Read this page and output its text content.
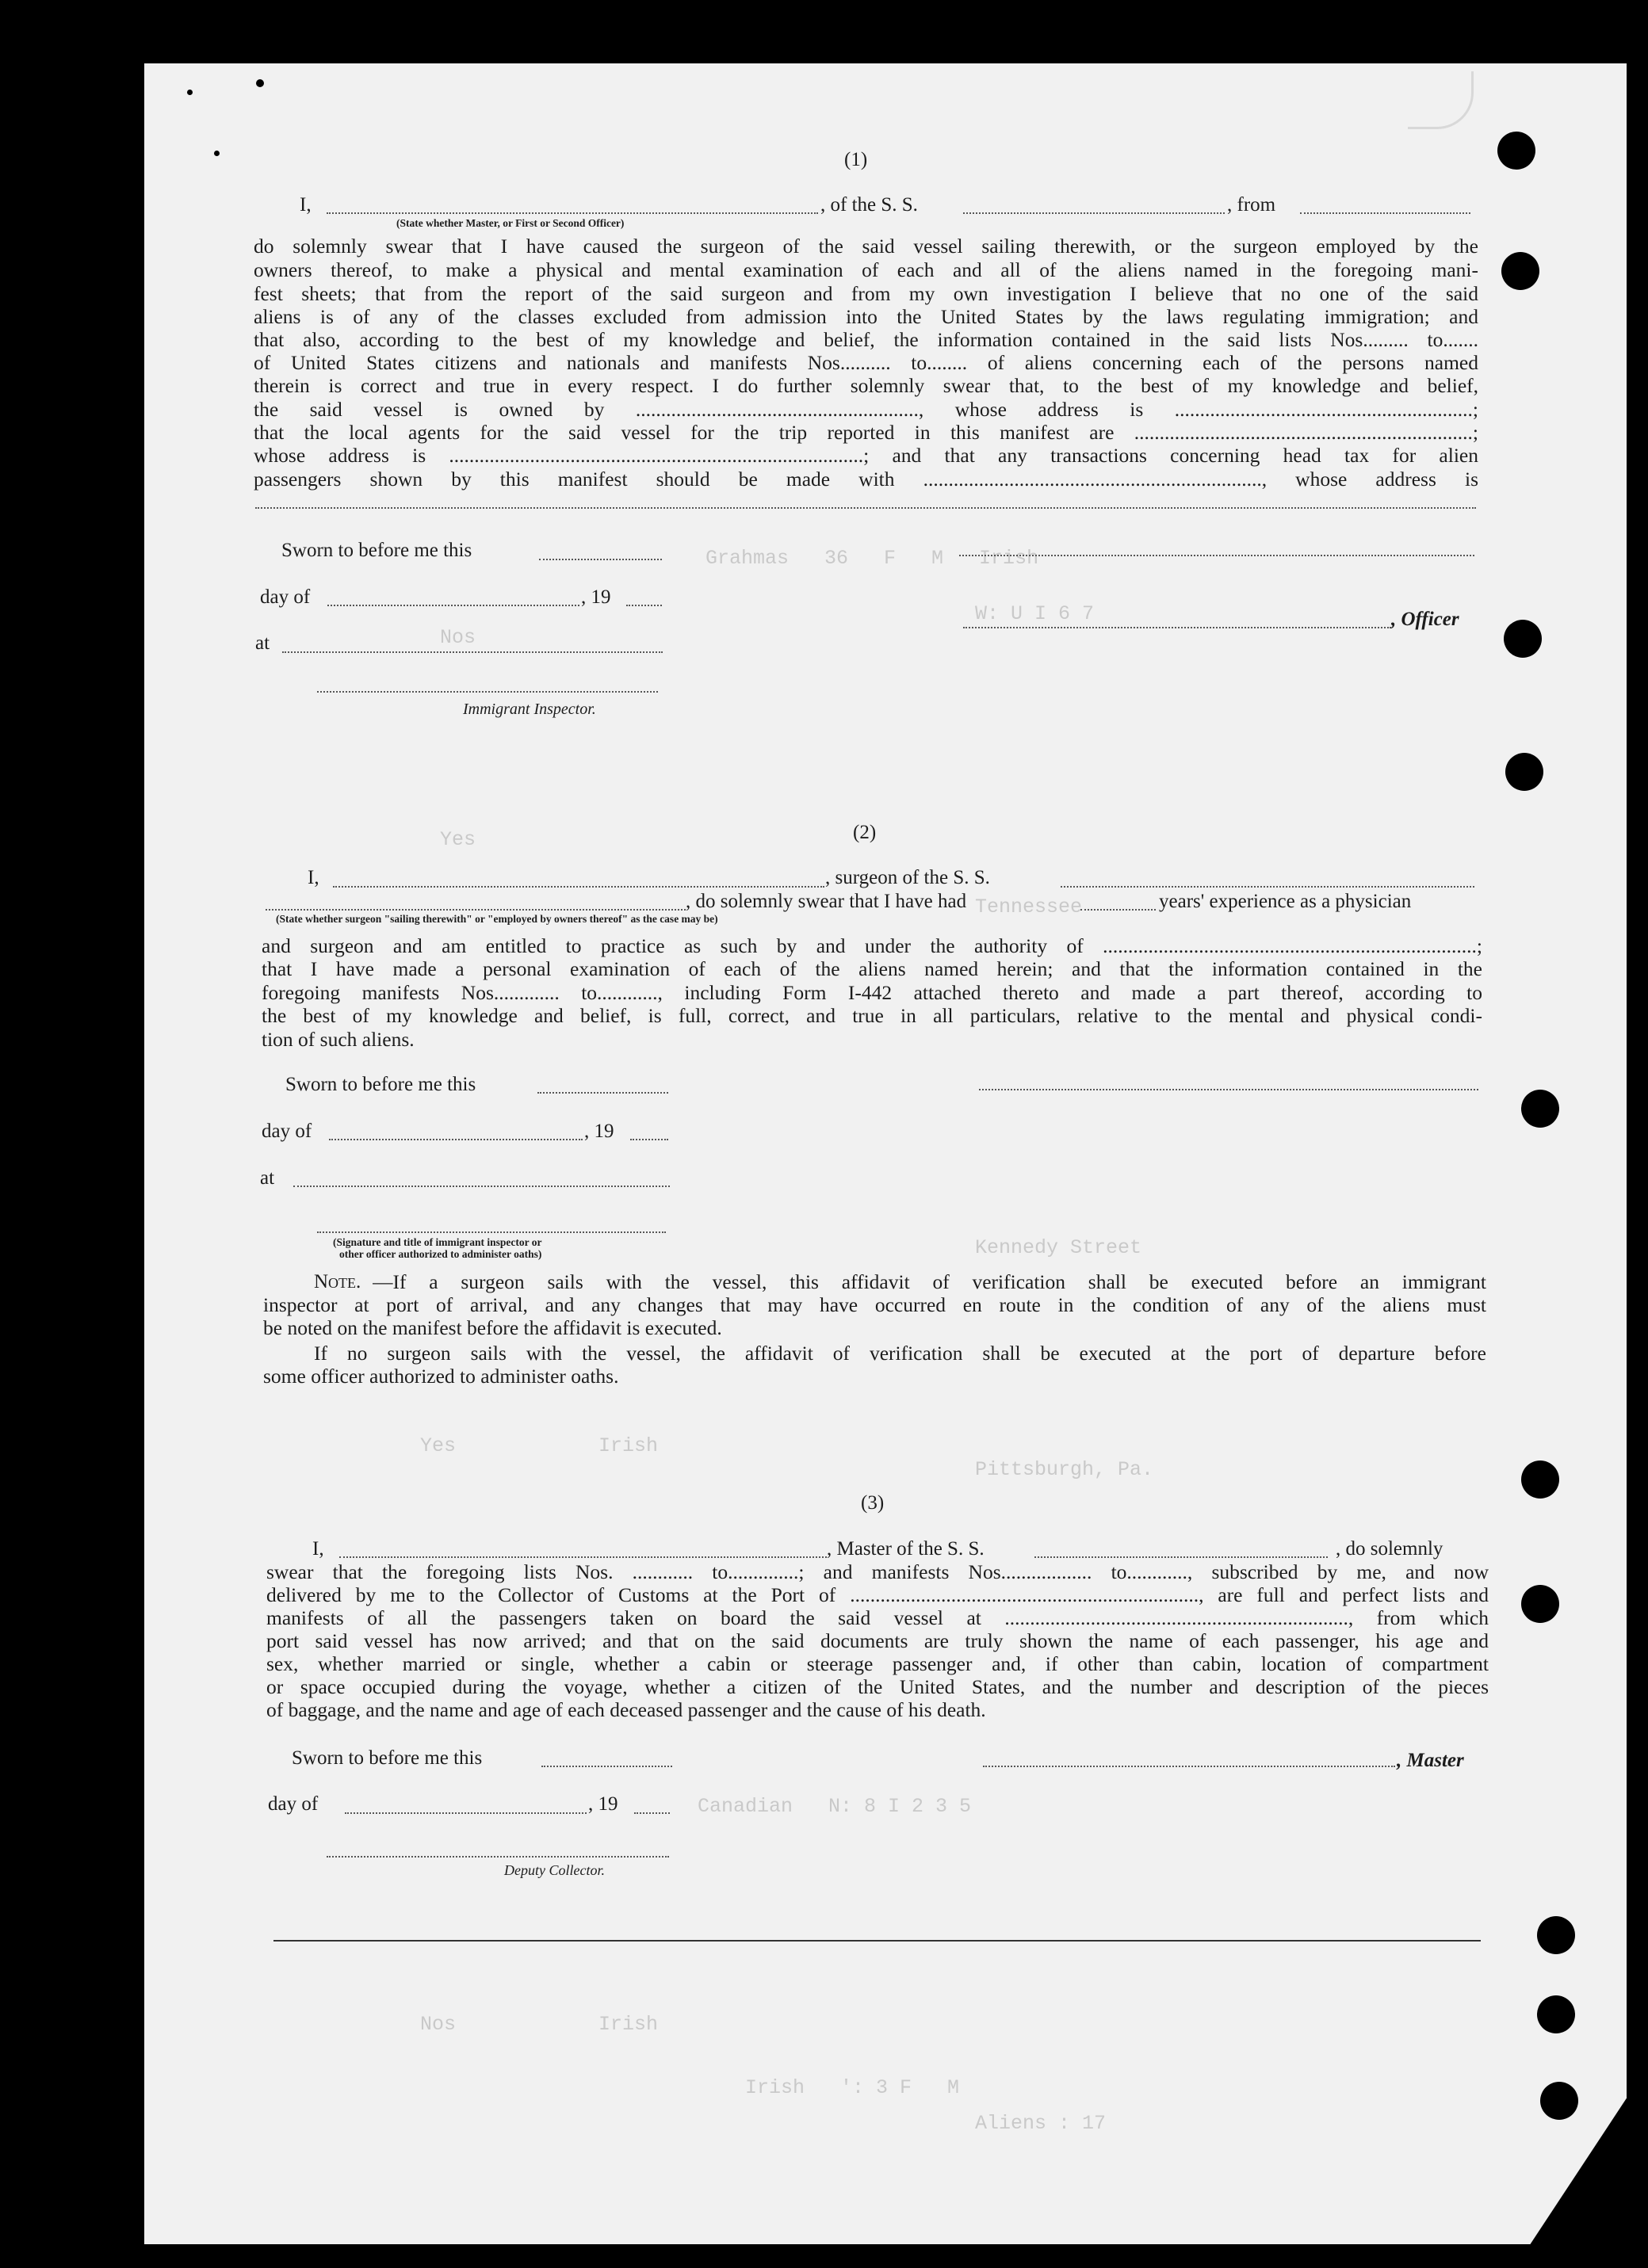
Grahmas   36   F   M   Irish
W: U I 6 7
Tennessee
Kennedy Street
Pittsburgh, Pa.
Yes            Irish
Nos            Irish
Canadian   N: 8 I 2 3 5
Irish   ': 3 F   M
Aliens : 17
Yes
Nos
(1)
I,	, of the S. S.	, from
(State whether Master, or First or Second Officer)
do solemnly swear that I have caused the surgeon of the said vessel sailing therewith, or the surgeon employed by the
owners thereof, to make a physical and mental examination of each and all of the aliens named in the foregoing mani-
fest sheets; that from the report of the said surgeon and from my own investigation I believe that no one of the said
aliens is of any of the classes excluded from admission into the United States by the laws regulating immigration; and
that also, according to the best of my knowledge and belief, the information contained in the said lists Nos......... to.......
of United States citizens and nationals and manifests Nos.......... to........ of aliens concerning each of the persons named
therein is correct and true in every respect. I do further solemnly swear that, to the best of my knowledge and belief,
the said vessel is owned by ........................................................, whose address is ...........................................................;
that the local agents for the said vessel for the trip reported in this manifest are ...................................................................;
whose address is ..................................................................................; and that any transactions concerning head tax for alien
passengers shown by this manifest should be made with ..................................................................., whose address is
Sworn to before me this
day of	, 19
, Officer
at
Immigrant Inspector.
(2)
I,	, surgeon of the S. S.
, do solemnly swear that I have had	years' experience as a physician
(State whether surgeon "sailing therewith" or "employed by owners thereof" as the case may be)
and surgeon and am entitled to practice as such by and under the authority of ..........................................................................;
that I have made a personal examination of each of the aliens named herein; and that the information contained in the
foregoing manifests Nos............. to............, including Form I-442 attached thereto and made a part thereof, according to
the best of my knowledge and belief, is full, correct, and true in all particulars, relative to the mental and physical condi-
tion of such aliens.
Sworn to before me this
day of	, 19
at
(Signature and title of immigrant inspector or
other officer authorized to administer oaths)
Note. —If a surgeon sails with the vessel, this affidavit of verification shall be executed before an immigrant
inspector at port of arrival, and any changes that may have occurred en route in the condition of any of the aliens must
be noted on the manifest before the affidavit is executed.
If no surgeon sails with the vessel, the affidavit of verification shall be executed at the port of departure before
some officer authorized to administer oaths.
(3)
I,	, Master of the S. S.	, do solemnly
swear that the foregoing lists Nos. ............ to..............; and manifests Nos.................. to............, subscribed by me, and now
delivered by me to the Collector of Customs at the Port of ....................................................................., are full and perfect lists and
manifests of all the passengers taken on board the said vessel at ...................................................................., from which
port said vessel has now arrived; and that on the said documents are truly shown the name of each passenger, his age and
sex, whether married or single, whether a cabin or steerage passenger and, if other than cabin, location of compartment
or space occupied during the voyage, whether a citizen of the United States, and the number and description of the pieces
of baggage, and the name and age of each deceased passenger and the cause of his death.
Sworn to before me this	, Master
day of	, 19
Deputy Collector.
